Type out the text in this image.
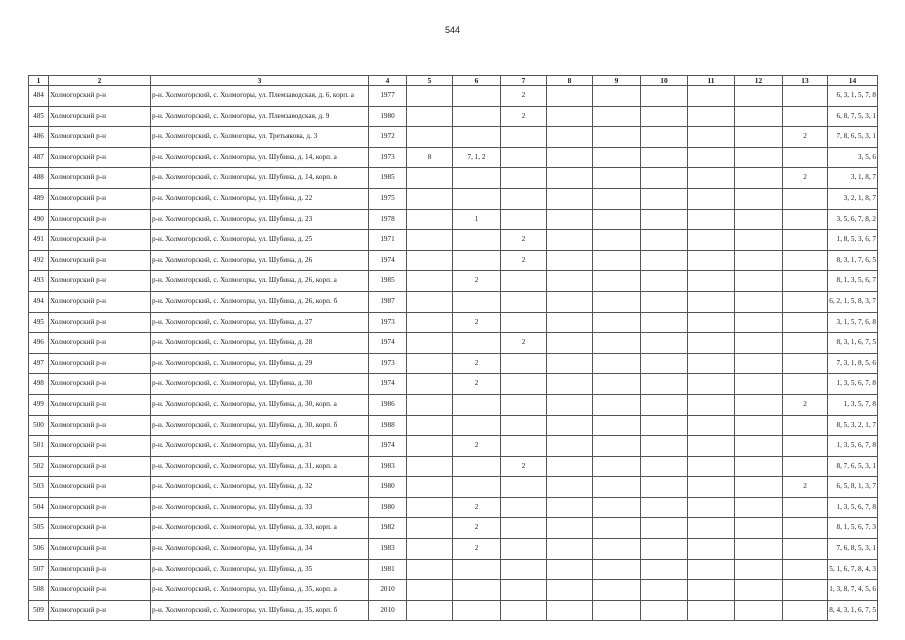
544
1	2	3	4	5	6	7	8	9	10	11	12	13	14
484	Холмогорский р-н	р-н. Холмогорский, с. Холмогоры, ул. Племзаводская, д. 6, корп. а	1977			2							6, 3, 1, 5, 7, 8
485	Холмогорский р-н	р-н. Холмогорский, с. Холмогоры, ул. Племзаводская, д. 9	1980			2							6, 8, 7, 5, 3, 1
486	Холмогорский р-н	р-н. Холмогорский, с. Холмогоры, ул. Третьякова, д. 3	1972									2	7, 8, 6, 5, 3, 1
487	Холмогорский р-н	р-н. Холмогорский, с. Холмогоры, ул. Шубина, д. 14, корп. а	1973	8	7, 1, 2								3, 5, 6
488	Холмогорский р-н	р-н. Холмогорский, с. Холмогоры, ул. Шубина, д. 14, корп. в	1985									2	3, 1, 8, 7
489	Холмогорский р-н	р-н. Холмогорский, с. Холмогоры, ул. Шубина, д. 22	1975										3, 2, 1, 8, 7
490	Холмогорский р-н	р-н. Холмогорский, с. Холмогоры, ул. Шубина, д. 23	1978		1								3, 5, 6, 7, 8, 2
491	Холмогорский р-н	р-н. Холмогорский, с. Холмогоры, ул. Шубина, д. 25	1971			2							1, 8, 5, 3, 6, 7
492	Холмогорский р-н	р-н. Холмогорский, с. Холмогоры, ул. Шубина, д. 26	1974			2							8, 3, 1, 7, 6, 5
493	Холмогорский р-н	р-н. Холмогорский, с. Холмогоры, ул. Шубина, д. 26, корп. а	1985		2								8, 1, 3, 5, 6, 7
494	Холмогорский р-н	р-н. Холмогорский, с. Холмогоры, ул. Шубина, д. 26, корп. б	1987										6, 2, 1, 5, 8, 3, 7
495	Холмогорский р-н	р-н. Холмогорский, с. Холмогоры, ул. Шубина, д. 27	1973		2								3, 1, 5, 7, 6, 8
496	Холмогорский р-н	р-н. Холмогорский, с. Холмогоры, ул. Шубина, д. 28	1974			2							8, 3, 1, 6, 7, 5
497	Холмогорский р-н	р-н. Холмогорский, с. Холмогоры, ул. Шубина, д. 29	1973		2								7, 3, 1, 8, 5, 6
498	Холмогорский р-н	р-н. Холмогорский, с. Холмогоры, ул. Шубина, д. 30	1974		2								1, 3, 5, 6, 7, 8
499	Холмогорский р-н	р-н. Холмогорский, с. Холмогоры, ул. Шубина, д. 30, корп. а	1986									2	1, 3, 5, 7, 8
500	Холмогорский р-н	р-н. Холмогорский, с. Холмогоры, ул. Шубина, д. 30, корп. б	1988										8, 5, 3, 2, 1, 7
501	Холмогорский р-н	р-н. Холмогорский, с. Холмогоры, ул. Шубина, д. 31	1974		2								1, 3, 5, 6, 7, 8
502	Холмогорский р-н	р-н. Холмогорский, с. Холмогоры, ул. Шубина, д. 31, корп. а	1983			2							8, 7, 6, 5, 3, 1
503	Холмогорский р-н	р-н. Холмогорский, с. Холмогоры, ул. Шубина, д. 32	1980									2	6, 5, 8, 1, 3, 7
504	Холмогорский р-н	р-н. Холмогорский, с. Холмогоры, ул. Шубина, д. 33	1980		2								1, 3, 5, 6, 7, 8
505	Холмогорский р-н	р-н. Холмогорский, с. Холмогоры, ул. Шубина, д. 33, корп. а	1982		2								8, 1, 5, 6, 7, 3
506	Холмогорский р-н	р-н. Холмогорский, с. Холмогоры, ул. Шубина, д. 34	1983		2								7, 6, 8, 5, 3, 1
507	Холмогорский р-н	р-н. Холмогорский, с. Холмогоры, ул. Шубина, д. 35	1981										5, 1, 6, 7, 8, 4, 3
508	Холмогорский р-н	р-н. Холмогорский, с. Холмогоры, ул. Шубина, д. 35, корп. а	2010										1, 3, 8, 7, 4, 5, 6
509	Холмогорский р-н	р-н. Холмогорский, с. Холмогоры, ул. Шубина, д. 35, корп. б	2010										8, 4, 3, 1, 6, 7, 5
